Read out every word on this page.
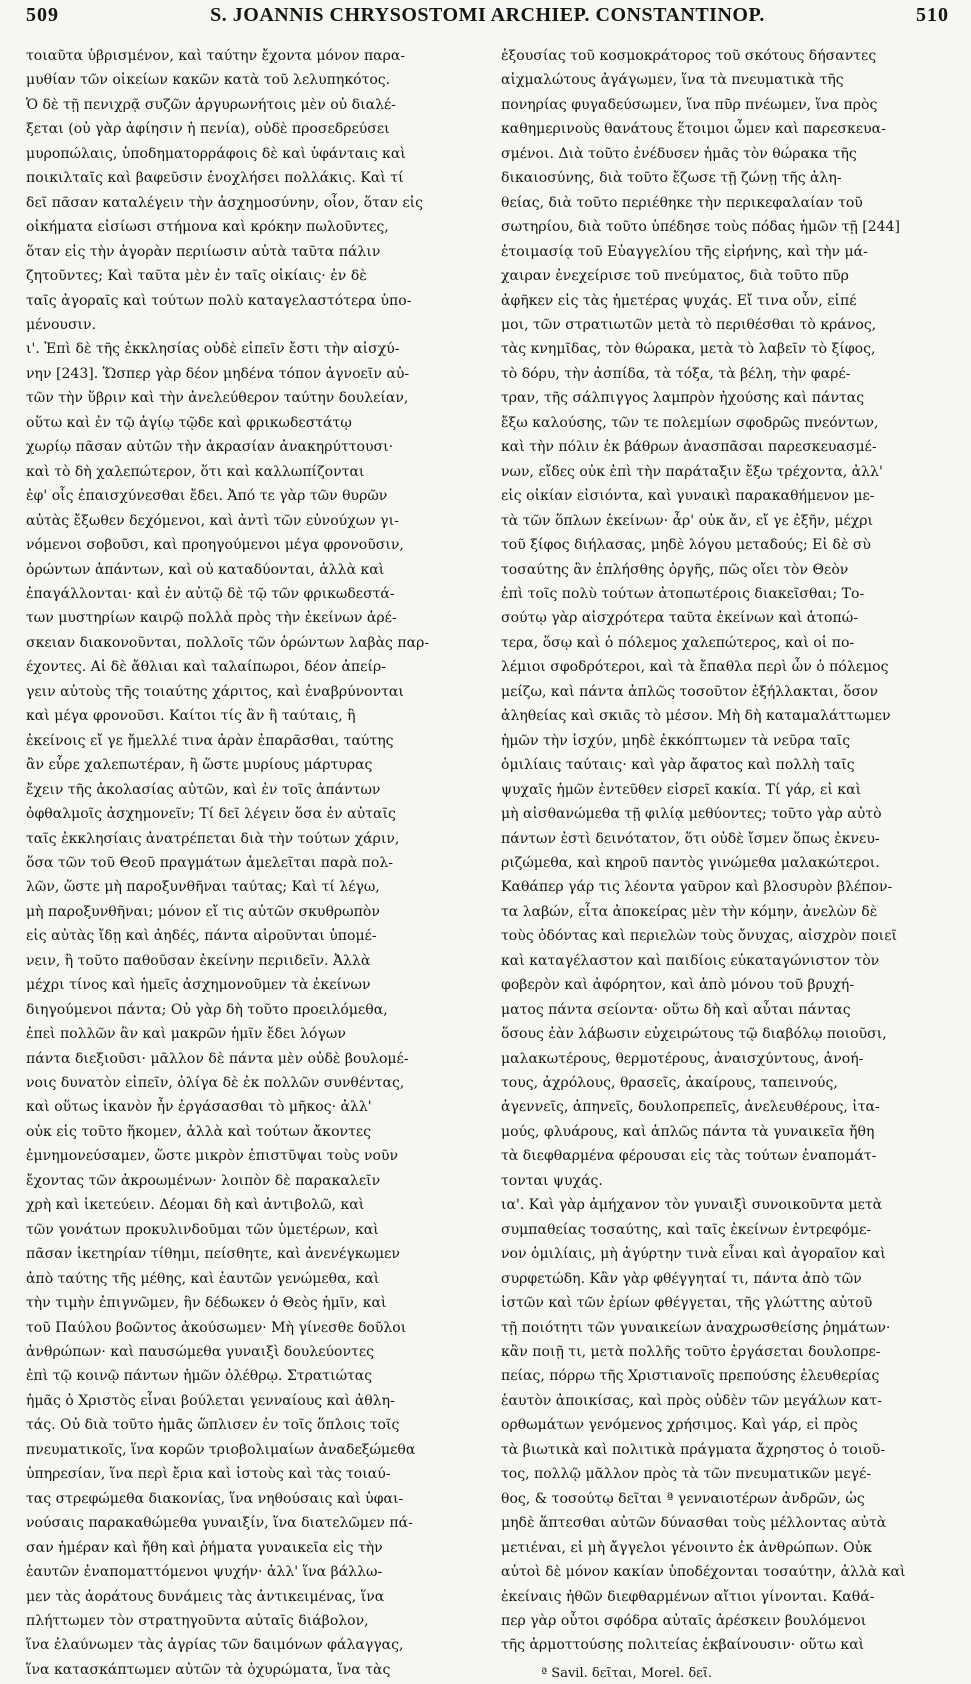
509	S. JOANNIS CHRYSOSTOMI ARCHIEP. CONSTANTINOP.	510
τοιαῦτα ὑβρισμένον, καὶ ταύτην ἔχοντα μόνον παρα-
μυθίαν τῶν οἰκείων κακῶν κατὰ τοῦ λελυπηκότος.
Ὁ δὲ τῇ πενιχρᾷ συζῶν ἀργυρωνήτοις μὲν οὐ διαλέ-
ξεται (οὐ γὰρ ἀφίησιν ἡ πενία), οὐδὲ προσεδρεύσει
μυροπώλαις, ὑποδηματορράφοις δὲ καὶ ὑφάνταις καὶ
ποικιλταῖς καὶ βαφεῦσιν ἐνοχλήσει πολλάκις. Καὶ τί
δεῖ πᾶσαν καταλέγειν τὴν ἀσχημοσύνην, οἷον, ὅταν εἰς
οἰκήματα εἰσίωσι στήμονα καὶ κρόκην πωλοῦντες,
ὅταν εἰς τὴν ἀγορὰν περιίωσιν αὐτὰ ταῦτα πάλιν
ζητοῦντες; Καὶ ταῦτα μὲν ἐν ταῖς οἰκίαις· ἐν δὲ
ταῖς ἀγοραῖς καὶ τούτων πολὺ καταγελαστότερα ὑπο-
μένουσιν.
ι'. Ἐπὶ δὲ τῆς ἐκκλησίας οὐδὲ εἰπεῖν ἔστι τὴν αἰσχύ-
νην [243]. Ὥσπερ γὰρ δέον μηδένα τόπον ἀγνοεῖν αὐ-
τῶν τὴν ὕβριν καὶ τὴν ἀνελεύθερον ταύτην δουλείαν,
οὕτω καὶ ἐν τῷ ἁγίῳ τῷδε καὶ φρικωδεστάτῳ
χωρίῳ πᾶσαν αὐτῶν τὴν ἀκρασίαν ἀνακηρύττουσι·
καὶ τὸ δὴ χαλεπώτερον, ὅτι καὶ καλλωπίζονται
ἐφ' οἷς ἐπαισχύνεσθαι ἔδει. Ἀπό τε γὰρ τῶν θυρῶν
αὐτὰς ἔξωθεν δεχόμενοι, καὶ ἀντὶ τῶν εὐνούχων γι-
νόμενοι σοβοῦσι, καὶ προηγούμενοι μέγα φρονοῦσιν,
ὁρώντων ἁπάντων, καὶ οὐ καταδύονται, ἀλλὰ καὶ
ἐπαγάλλονται· καὶ ἐν αὐτῷ δὲ τῷ τῶν φρικωδεστά-
των μυστηρίων καιρῷ πολλὰ πρὸς τὴν ἐκείνων ἀρέ-
σκειαν διακονοῦνται, πολλοῖς τῶν ὁρώντων λαβὰς παρ-
έχοντες. Αἱ δὲ ἄθλιαι καὶ ταλαίπωροι, δέον ἀπείρ-
γειν αὐτοὺς τῆς τοιαύτης χάριτος, καὶ ἐναβρύνονται
καὶ μέγα φρονοῦσι. Καίτοι τίς ἂν ἢ ταύταις, ἢ
ἐκείνοις εἴ γε ἤμελλέ τινα ἀρὰν ἐπαρᾶσθαι, ταύτης
ἂν εὗρε χαλεπωτέραν, ἢ ὥστε μυρίους μάρτυρας
ἔχειν τῆς ἀκολασίας αὐτῶν, καὶ ἐν τοῖς ἁπάντων
ὀφθαλμοῖς ἀσχημονεῖν; Τί δεῖ λέγειν ὅσα ἐν αὐταῖς
ταῖς ἐκκλησίαις ἀνατρέπεται διὰ τὴν τούτων χάριν,
ὅσα τῶν τοῦ Θεοῦ πραγμάτων ἀμελεῖται παρὰ πολ-
λῶν, ὥστε μὴ παροξυνθῆναι ταύτας; Καὶ τί λέγω,
μὴ παροξυνθῆναι; μόνον εἴ τις αὐτῶν σκυθρωπὸν
εἰς αὐτὰς ἴδῃ καὶ ἀηδές, πάντα αἱροῦνται ὑπομέ-
νειν, ἢ τοῦτο παθοῦσαν ἐκείνην περιιδεῖν. Ἀλλὰ
μέχρι τίνος καὶ ἡμεῖς ἀσχημονοῦμεν τὰ ἐκείνων
διηγούμενοι πάντα; Οὐ γὰρ δὴ τοῦτο προειλόμεθα,
ἐπεὶ πολλῶν ἂν καὶ μακρῶν ἡμῖν ἔδει λόγων
πάντα διεξιοῦσι· μᾶλλον δὲ πάντα μὲν οὐδὲ βουλομέ-
νοις δυνατὸν εἰπεῖν, ὀλίγα δὲ ἐκ πολλῶν συνθέντας,
καὶ οὕτως ἱκανὸν ἦν ἐργάσασθαι τὸ μῆκος· ἀλλ'
οὐκ εἰς τοῦτο ἥκομεν, ἀλλὰ καὶ τούτων ἄκοντες
ἐμνημονεύσαμεν, ὥστε μικρὸν ἐπιστῦψαι τοὺς νοῦν
ἔχοντας τῶν ἀκροωμένων· λοιπὸν δὲ παρακαλεῖν
χρὴ καὶ ἱκετεύειν. Δέομαι δὴ καὶ ἀντιβολῶ, καὶ
τῶν γονάτων προκυλινδοῦμαι τῶν ὑμετέρων, καὶ
πᾶσαν ἱκετηρίαν τίθημι, πείσθητε, καὶ ἀνενέγκωμεν
ἀπὸ ταύτης τῆς μέθης, καὶ ἑαυτῶν γενώμεθα, καὶ
τὴν τιμὴν ἐπιγνῶμεν, ἣν δέδωκεν ὁ Θεὸς ἡμῖν, καὶ
τοῦ Παύλου βοῶντος ἀκούσωμεν· Μὴ γίνεσθε δοῦλοι
ἀνθρώπων· καὶ παυσώμεθα γυναιξὶ δουλεύοντες
ἐπὶ τῷ κοινῷ πάντων ἡμῶν ὀλέθρῳ. Στρατιώτας
ἡμᾶς ὁ Χριστὸς εἶναι βούλεται γενναίους καὶ ἀθλη-
τάς. Οὐ διὰ τοῦτο ἡμᾶς ὥπλισεν ἐν τοῖς ὅπλοις τοῖς
πνευματικοῖς, ἵνα κορῶν τριοβολιμαίων ἀναδεξώμεθα
ὑπηρεσίαν, ἵνα περὶ ἔρια καὶ ἱστοὺς καὶ τὰς τοιαύ-
τας στρεφώμεθα διακονίας, ἵνα νηθούσαις καὶ ὑφαι-
νούσαις παρακαθώμεθα γυναιξίν, ἵνα διατελῶμεν πά-
σαν ἡμέραν καὶ ἤθη καὶ ῥήματα γυναικεῖα εἰς τὴν
ἑαυτῶν ἐναποματτόμενοι ψυχήν· ἀλλ' ἵνα βάλλω-
μεν τὰς ἀοράτους δυνάμεις τὰς ἀντικειμένας, ἵνα
πλήττωμεν τὸν στρατηγοῦντα αὐταῖς διάβολον,
ἵνα ἐλαύνωμεν τὰς ἀγρίας τῶν δαιμόνων φάλαγγας,
ἵνα κατασκάπτωμεν αὐτῶν τὰ ὀχυρώματα, ἵνα τὰς
ἐξουσίας τοῦ κοσμοκράτορος τοῦ σκότους δήσαντες
αἰχμαλώτους ἀγάγωμεν, ἵνα τὰ πνευματικὰ τῆς
πονηρίας φυγαδεύσωμεν, ἵνα πῦρ πνέωμεν, ἵνα πρὸς
καθημερινοὺς θανάτους ἕτοιμοι ὦμεν καὶ παρεσκευα-
σμένοι. Διὰ τοῦτο ἐνέδυσεν ἡμᾶς τὸν θώρακα τῆς
δικαιοσύνης, διὰ τοῦτο ἔζωσε τῇ ζώνῃ τῆς ἀλη-
θείας, διὰ τοῦτο περιέθηκε τὴν περικεφαλαίαν τοῦ
σωτηρίου, διὰ τοῦτο ὑπέδησε τοὺς πόδας ἡμῶν τῇ [244]
ἑτοιμασίᾳ τοῦ Εὐαγγελίου τῆς εἰρήνης, καὶ τὴν μά-
χαιραν ἐνεχείρισε τοῦ πνεύματος, διὰ τοῦτο πῦρ
ἀφῆκεν εἰς τὰς ἡμετέρας ψυχάς. Εἴ τινα οὖν, εἰπέ
μοι, τῶν στρατιωτῶν μετὰ τὸ περιθέσθαι τὸ κράνος,
τὰς κνημῖδας, τὸν θώρακα, μετὰ τὸ λαβεῖν τὸ ξίφος,
τὸ δόρυ, τὴν ἀσπίδα, τὰ τόξα, τὰ βέλη, τὴν φαρέ-
τραν, τῆς σάλπιγγος λαμπρὸν ἠχούσης καὶ πάντας
ἔξω καλούσης, τῶν τε πολεμίων σφοδρῶς πνεόντων,
καὶ τὴν πόλιν ἐκ βάθρων ἀνασπᾶσαι παρεσκευασμέ-
νων, εἴδες οὐκ ἐπὶ τὴν παράταξιν ἔξω τρέχοντα, ἀλλ'
εἰς οἰκίαν εἰσιόντα, καὶ γυναικὶ παρακαθήμενον με-
τὰ τῶν ὅπλων ἐκείνων· ἆρ' οὐκ ἄν, εἴ γε ἐξῆν, μέχρι
τοῦ ξίφος διήλασας, μηδὲ λόγου μεταδούς; Εἰ δὲ σὺ
τοσαύτης ἂν ἐπλήσθης ὀργῆς, πῶς οἴει τὸν Θεὸν
ἐπὶ τοῖς πολὺ τούτων ἀτοπωτέροις διακεῖσθαι; Το-
σούτῳ γὰρ αἰσχρότερα ταῦτα ἐκείνων καὶ ἀτοπώ-
τερα, ὅσῳ καὶ ὁ πόλεμος χαλεπώτερος, καὶ οἱ πο-
λέμιοι σφοδρότεροι, καὶ τὰ ἔπαθλα περὶ ὧν ὁ πόλεμος
μείζω, καὶ πάντα ἁπλῶς τοσοῦτον ἐξήλλακται, ὅσον
ἀληθείας καὶ σκιᾶς τὸ μέσον. Μὴ δὴ καταμαλάττωμεν
ἡμῶν τὴν ἰσχύν, μηδὲ ἐκκόπτωμεν τὰ νεῦρα ταῖς
ὁμιλίαις ταύταις· καὶ γὰρ ἄφατος καὶ πολλὴ ταῖς
ψυχαῖς ἡμῶν ἐντεῦθεν εἰσρεῖ κακία. Τί γάρ, εἰ καὶ
μὴ αἰσθανώμεθα τῇ φιλίᾳ μεθύοντες; τοῦτο γὰρ αὐτὸ
πάντων ἐστὶ δεινότατον, ὅτι οὐδὲ ἴσμεν ὅπως ἐκνευ-
ριζώμεθα, καὶ κηροῦ παντὸς γινώμεθα μαλακώτεροι.
Καθάπερ γάρ τις λέοντα γαῦρον καὶ βλοσυρὸν βλέπον-
τα λαβών, εἶτα ἀποκείρας μὲν τὴν κόμην, ἀνελὼν δὲ
τοὺς ὀδόντας καὶ περιελὼν τοὺς ὄνυχας, αἰσχρὸν ποιεῖ
καὶ καταγέλαστον καὶ παιδίοις εὐκαταγώνιστον τὸν
φοβερὸν καὶ ἀφόρητον, καὶ ἀπὸ μόνου τοῦ βρυχή-
ματος πάντα σείοντα· οὕτω δὴ καὶ αὗται πάντας
ὅσους ἐὰν λάβωσιν εὐχειρώτους τῷ διαβόλῳ ποιοῦσι,
μαλακωτέρους, θερμοτέρους, ἀναισχύντους, ἀνοή-
τους, ἀχρόλους, θρασεῖς, ἀκαίρους, ταπεινούς,
ἀγεννεῖς, ἀπηνεῖς, δουλοπρεπεῖς, ἀνελευθέρους, ἰτα-
μούς, φλυάρους, καὶ ἁπλῶς πάντα τὰ γυναικεῖα ἤθη
τὰ διεφθαρμένα φέρουσαι εἰς τὰς τούτων ἐναπομάτ-
τονται ψυχάς.
ια'. Καὶ γὰρ ἀμήχανον τὸν γυναιξὶ συνοικοῦντα μετὰ
συμπαθείας τοσαύτης, καὶ ταῖς ἐκείνων ἐντρεφόμε-
νον ὁμιλίαις, μὴ ἀγύρτην τινὰ εἶναι καὶ ἀγοραῖον καὶ
συρφετώδη. Κἂν γὰρ φθέγγηταί τι, πάντα ἀπὸ τῶν
ἱστῶν καὶ τῶν ἐρίων φθέγγεται, τῆς γλώττης αὐτοῦ
τῇ ποιότητι τῶν γυναικείων ἀναχρωσθείσης ῥημάτων·
κἂν ποιῇ τι, μετὰ πολλῆς τοῦτο ἐργάσεται δουλοπρε-
πείας, πόρρω τῆς Χριστιανοῖς πρεπούσης ἐλευθερίας
ἑαυτὸν ἀποικίσας, καὶ πρὸς οὐδὲν τῶν μεγάλων κατ-
ορθωμάτων γενόμενος χρήσιμος. Καὶ γάρ, εἰ πρὸς
τὰ βιωτικὰ καὶ πολιτικὰ πράγματα ἄχρηστος ὁ τοιοῦ-
τος, πολλῷ μᾶλλον πρὸς τὰ τῶν πνευματικῶν μεγέ-
θος, & τοσούτῳ δεῖται ª γενναιοτέρων ἀνδρῶν, ὡς
μηδὲ ἅπτεσθαι αὐτῶν δύνασθαι τοὺς μέλλοντας αὐτὰ
μετιέναι, εἰ μὴ ἄγγελοι γένοιντο ἐκ ἀνθρώπων. Οὐκ
αὐτοὶ δὲ μόνον κακίαν ὑποδέχονται τοσαύτην, ἀλλὰ καὶ
ἐκείναις ἠθῶν διεφθαρμένων αἴτιοι γίνονται. Καθά-
περ γὰρ οὗτοι σφόδρα αὐταῖς ἀρέσκειν βουλόμενοι
τῆς ἁρμοττούσης πολιτείας ἐκβαίνουσιν· οὕτω καὶ
ª Savil. δεῖται, Morel. δεῖ.
